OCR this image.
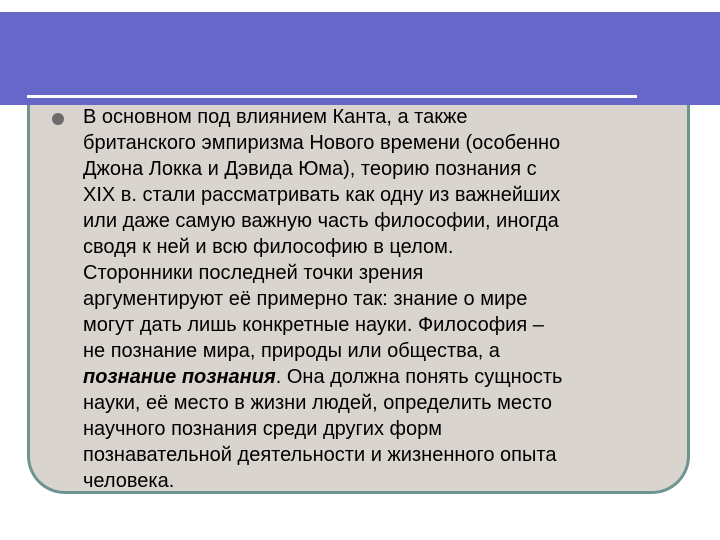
В основном под влиянием Канта, а также
британского эмпиризма Нового времени (особенно
Джона Локка и Дэвида Юма), теорию познания с
XIX в. стали рассматривать как одну из важнейших
или даже самую важную часть философии, иногда
сводя к ней и всю философию в целом.
Сторонники последней точки зрения
аргументируют её примерно так: знание о мире
могут дать лишь конкретные науки. Философия –
не познание мира, природы или общества, а
познание познания. Она должна понять сущность
науки, её место в жизни людей, определить место
научного познания среди других форм
познавательной деятельности и жизненного опыта
человека.
